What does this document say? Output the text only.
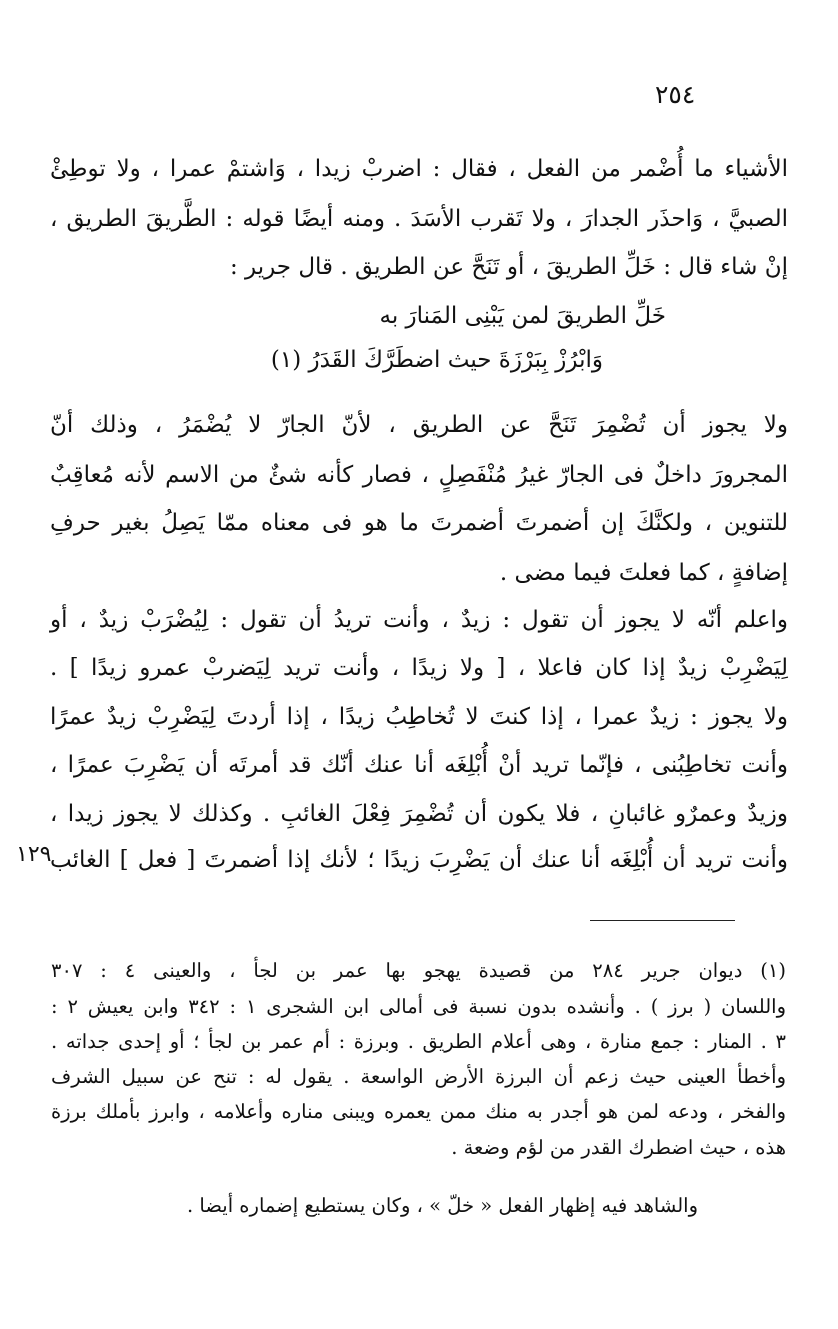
٢٥٤
الأشياء ما أُضْمر من الفعل ، فقال : اضربْ زيدا ، وَاشتمْ عمرا ، ولا توطِئْ
الصبيَّ ، وَاحذَر الجدارَ ، ولا تَقرب الأسَدَ . ومنه أيضًا قوله : الطَّريقَ الطريق ،
إنْ شاء قال : خَلِّ الطريقَ ، أو تَنَحَّ عن الطريق . قال جرير :
خَلِّ الطريقَ لمن يَبْنِى المَنارَ به
وَابْرُزْ بِبَرْزَةَ حيث اضطَرَّكَ القَدَرُ (١)
ولا يجوز أن تُضْمِرَ تَنَحَّ عن الطريق ، لأنّ الجارّ لا يُضْمَرُ ، وذلك أنّ
المجرورَ داخلٌ فى الجارّ غيرُ مُنْفَصِلٍ ، فصار كأنه شئٌ من الاسم لأنه مُعاقِبٌ
للتنوين ، ولكنَّكَ إن أضمرتَ أضمرتَ ما هو فى معناه ممّا يَصِلُ بغير حرفِ
إضافةٍ ، كما فعلتَ فيما مضى .
واعلم أنّه لا يجوز أن تقول : زيدٌ ، وأنت تريدُ أن تقول : لِيُضْرَبْ زيدٌ ، أو
لِيَضْرِبْ زيدٌ إذا كان فاعلا ، [ ولا زيدًا ، وأنت تريد لِيَضربْ عمرو زيدًا ] .
ولا يجوز : زيدٌ عمرا ، إذا كنتَ لا تُخاطِبُ زيدًا ، إذا أردتَ لِيَضْرِبْ زيدٌ عمرًا
وأنت تخاطِبُنى ، فإنّما تريد أنْ أُبْلِغَه أنا عنك أنّك قد أمرتَه أن يَضْرِبَ عمرًا ،
وزيدٌ وعمرٌو غائبانِ ، فلا يكون أن تُضْمِرَ فِعْلَ الغائبِ . وكذلك لا يجوز زيدا ،
وأنت تريد أن أُبْلِغَه أنا عنك أن يَضْرِبَ زيدًا ؛ لأنك إذا أضمرتَ [ فعل ] الغائب
١٢٩
(١) ديوان جرير ٢٨٤ من قصيدة يهجو بها عمر بن لجأ ، والعينى ٤ : ٣٠٧
واللسان ( برز ) . وأنشده بدون نسبة فى أمالى ابن الشجرى ١ : ٣٤٢ وابن يعيش ٢ :
٣ . المنار : جمع منارة ، وهى أعلام الطريق . وبرزة : أم عمر بن لجأ ؛ أو إحدى جداته .
وأخطأ العينى حيث زعم أن البرزة الأرض الواسعة . يقول له : تنح عن سبيل الشرف
والفخر ، ودعه لمن هو أجدر به منك ممن يعمره ويبنى مناره وأعلامه ، وابرز بأملك برزة
هذه ، حيث اضطرك القدر من لؤم وضعة .
والشاهد فيه إظهار الفعل « خلّ » ، وكان يستطيع إضماره أيضا .
